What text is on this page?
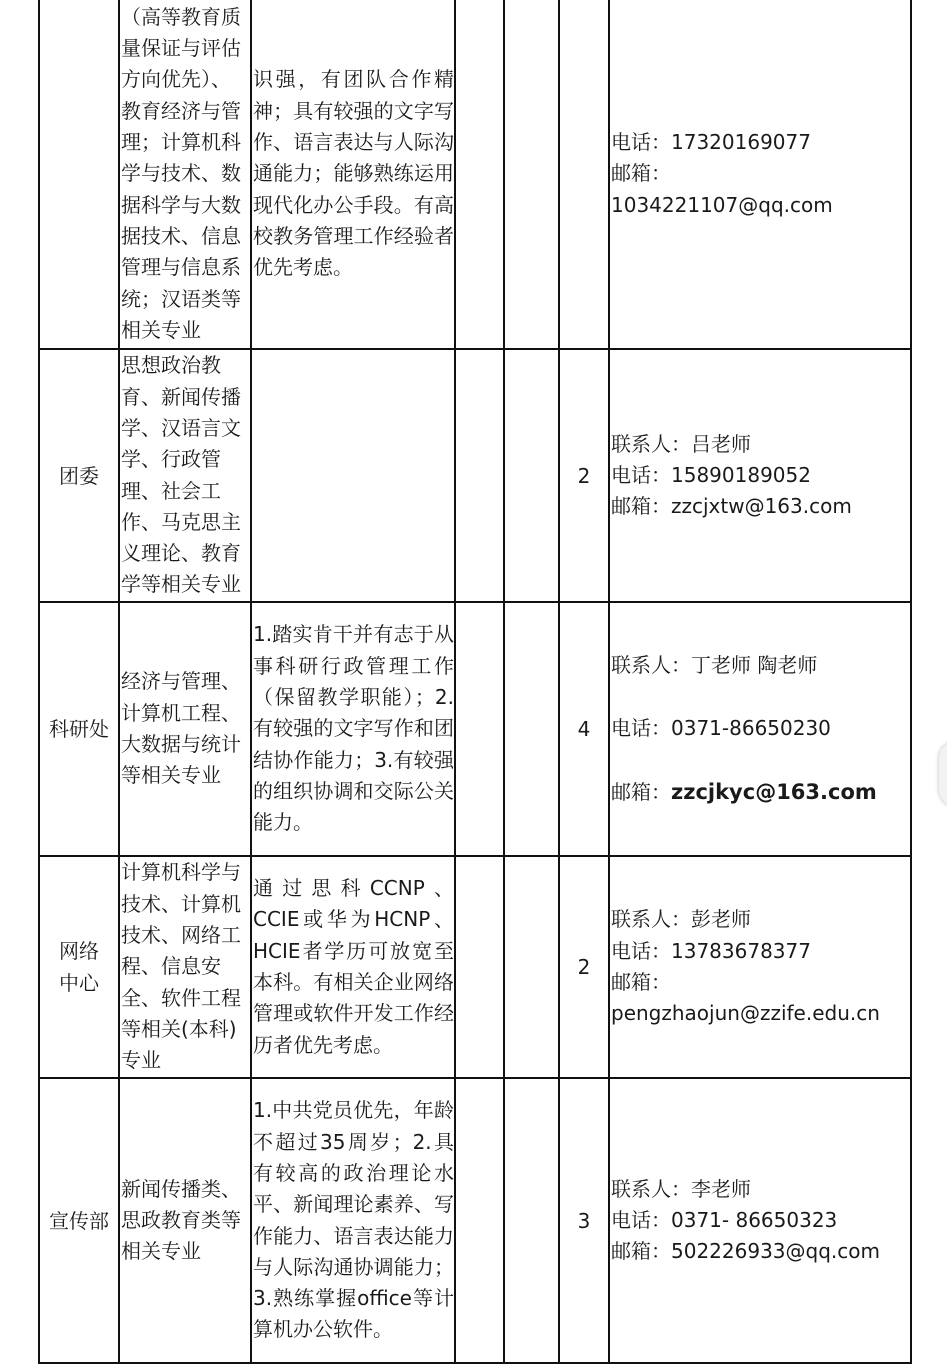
	（高等教育质量保证与评估方向优先）、教育经济与管理；计算机科学与技术、数据科学与大数据技术、信息管理与信息系统；汉语类等相关专业	识强，有团队合作精神；具有较强的文字写作、语言表达与人际沟通能力；能够熟练运用现代化办公手段。有高校教务管理工作经验者优先考虑。				电话：17320169077
邮箱：
1034221107@qq.com

团委	思想政治教育、新闻传播学、汉语言文学、行政管理、社会工作、马克思主义理论、教育学等相关专业				2	联系人：吕老师
电话：15890189052
邮箱：zzcjxtw@163.com

科研处	经济与管理、计算机工程、大数据与统计等相关专业	1.踏实肯干并有志于从事科研行政管理工作（保留教学职能）；2.有较强的文字写作和团结协作能力；3.有较强的组织协调和交际公关能力。			4	联系人：丁老师 陶老师
电话：0371-86650230
邮箱：zzcjkyc@163.com

网络中心	计算机科学与技术、计算机技术、网络工程、信息安全、软件工程等相关(本科)专业	通过思科CCNP、CCIE或华为HCNP、HCIE者学历可放宽至本科。有相关企业网络管理或软件开发工作经历者优先考虑。			2	联系人：彭老师
电话：13783678377
邮箱：
pengzhaojun@zzife.edu.cn

宣传部	新闻传播类、思政教育类等相关专业	1.中共党员优先，年龄不超过35周岁；2.具有较高的政治理论水平、新闻理论素养、写作能力、语言表达能力与人际沟通协调能力；3.熟练掌握office等计算机办公软件。			3	联系人：李老师
电话：0371- 86650323
邮箱：502226933@qq.com
